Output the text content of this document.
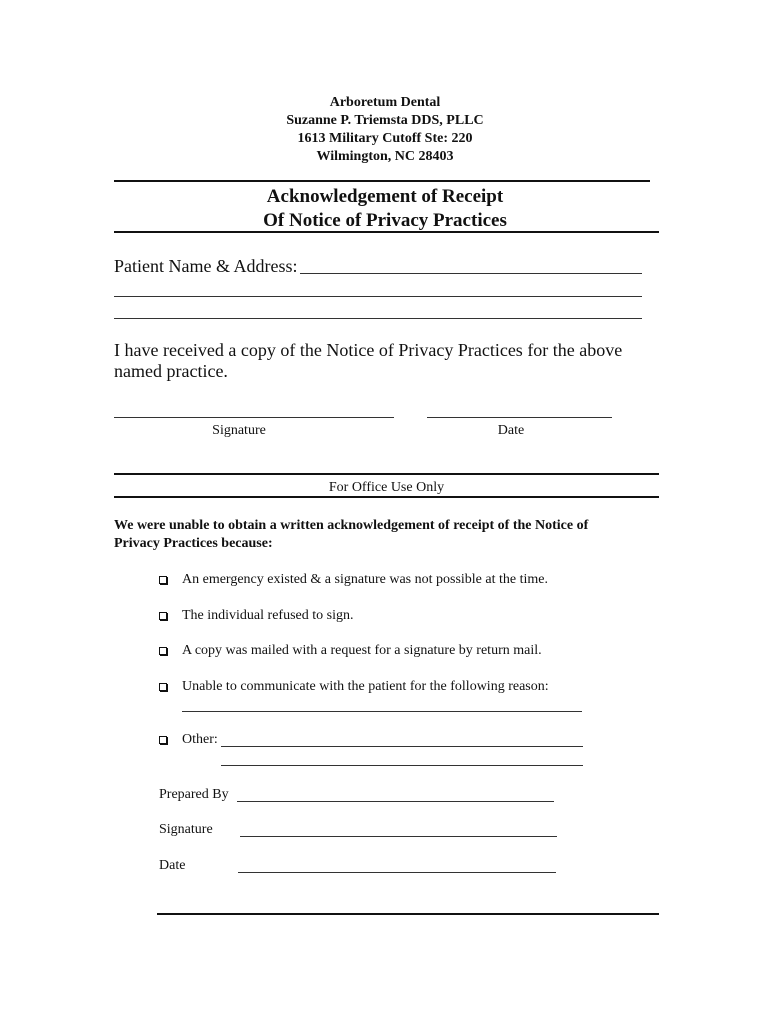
Arboretum Dental
Suzanne P. Triemsta DDS, PLLC
1613 Military Cutoff Ste: 220
Wilmington, NC 28403
Acknowledgement of Receipt
Of Notice of Privacy Practices
Patient Name & Address:
I have received a copy of the Notice of Privacy Practices for the above
named practice.
Signature	Date
For Office Use Only
We were unable to obtain a written acknowledgement of receipt of the Notice of
Privacy Practices because:
An emergency existed & a signature was not possible at the time.
The individual refused to sign.
A copy was mailed with a request for a signature by return mail.
Unable to communicate with the patient for the following reason:
Other:
Prepared By
Signature
Date
